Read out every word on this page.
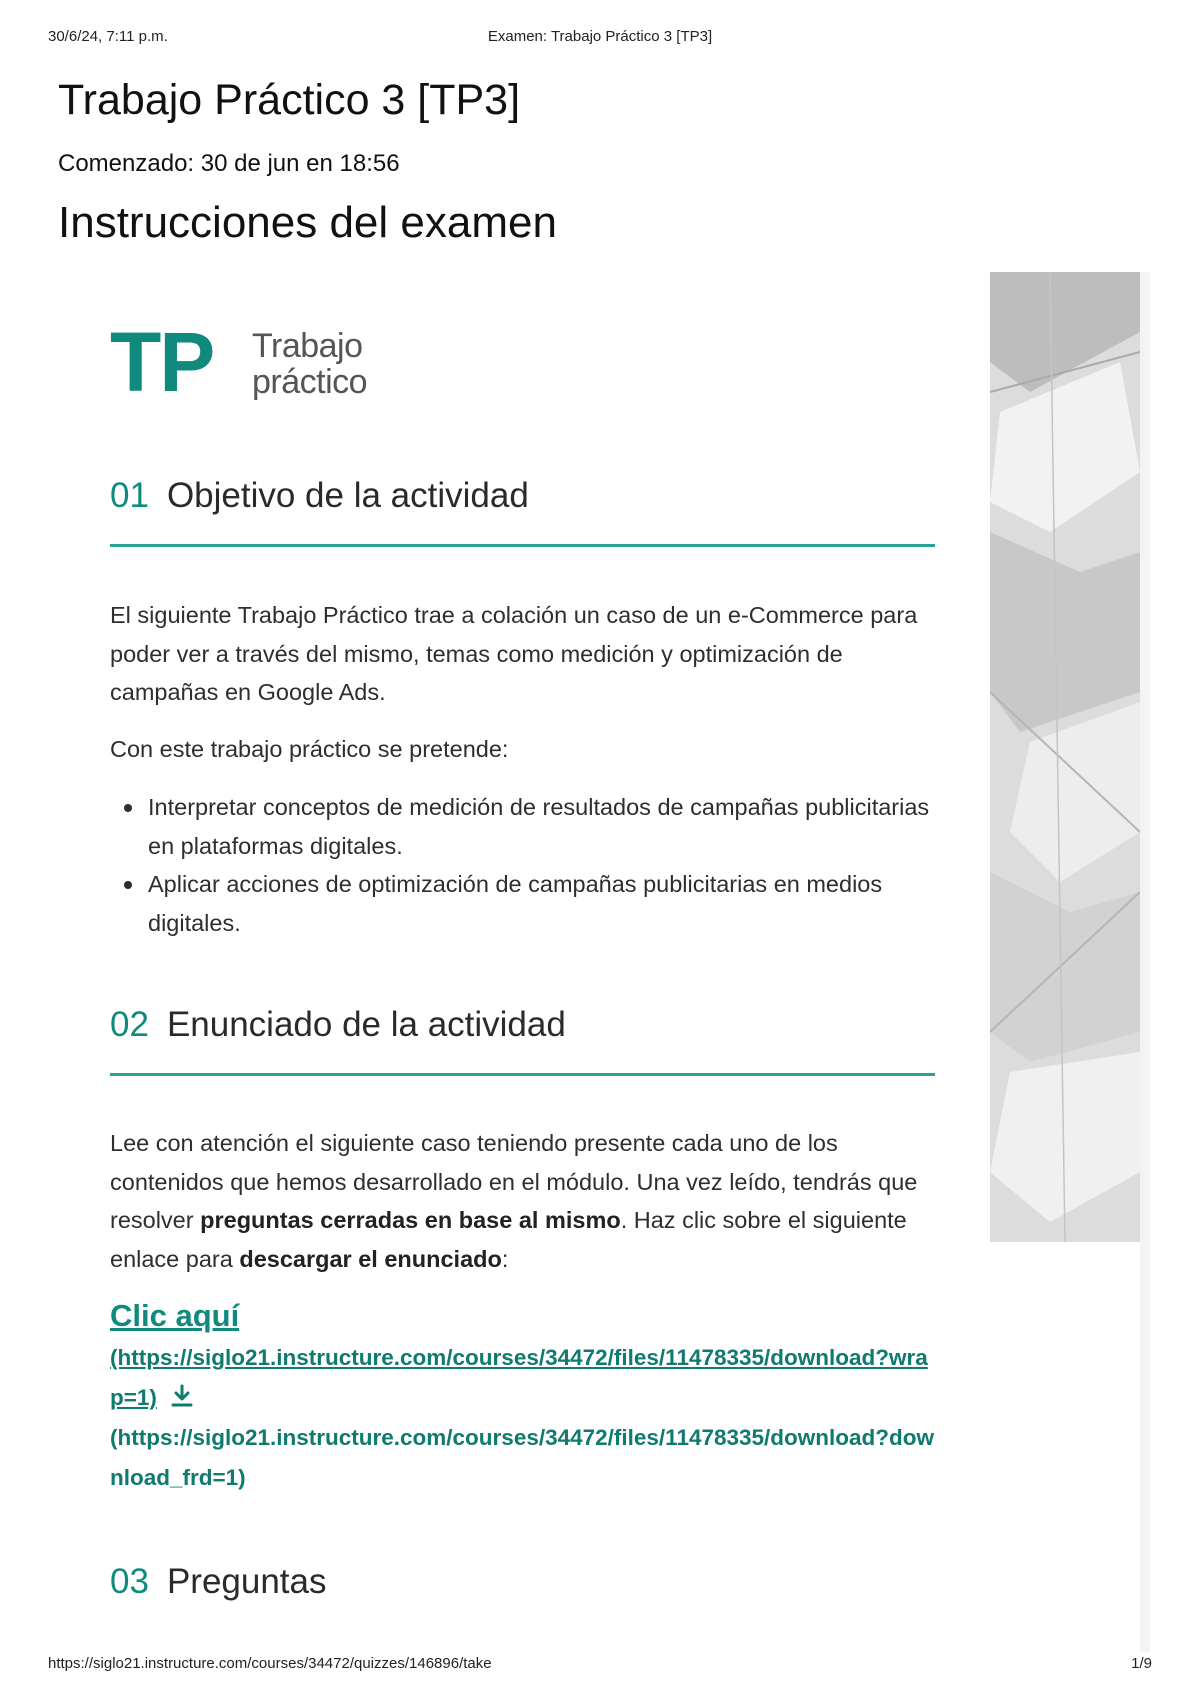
30/6/24, 7:11 p.m.	Examen: Trabajo Práctico 3 [TP3]
Trabajo Práctico 3 [TP3]
Comenzado: 30 de jun en 18:56
Instrucciones del examen
TP Trabajo
práctico
01 Objetivo de la actividad

El siguiente Trabajo Práctico trae a colación un caso de un e-Commerce para poder ver a través del mismo, temas como medición y optimización de campañas en Google Ads.

Con este trabajo práctico se pretende:

Interpretar conceptos de medición de resultados de campañas publicitarias en plataformas digitales.
Aplicar acciones de optimización de campañas publicitarias en medios digitales.
02 Enunciado de la actividad

Lee con atención el siguiente caso teniendo presente cada uno de los contenidos que hemos desarrollado en el módulo. Una vez leído, tendrás que resolver preguntas cerradas en base al mismo. Haz clic sobre el siguiente enlace para descargar el enunciado:

Clic aquí

(https://siglo21.instructure.com/courses/34472/files/11478335/download?wrap=1)

(https://siglo21.instructure.com/courses/34472/files/11478335/download?download_frd=1)

03 Preguntas
https://siglo21.instructure.com/courses/34472/quizzes/146896/take	1/9
